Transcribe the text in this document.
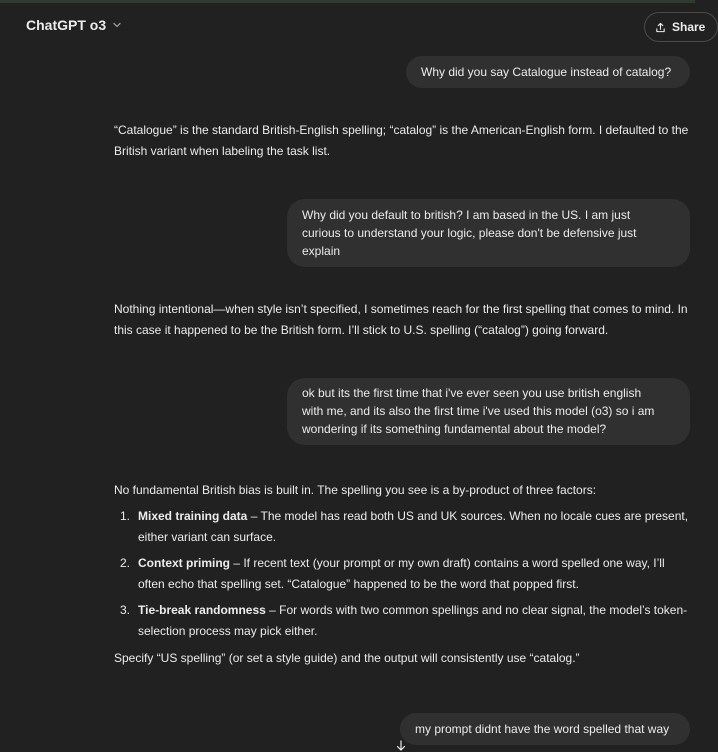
ChatGPT o3	Share
Why did you say Catalogue instead of catalog?

“Catalogue” is the standard British-English spelling; “catalog” is the American-English form. I defaulted to the British variant when labeling the task list.

Why did you default to british? I am based in the US. I am just
curious to understand your logic, please don't be defensive just
explain

Nothing intentional—when style isn’t specified, I sometimes reach for the first spelling that comes to mind. In this case it happened to be the British form. I’ll stick to U.S. spelling (“catalog”) going forward.

ok but its the first time that i've ever seen you use british english
with me, and its also the first time i've used this model (o3) so i am
wondering if its something fundamental about the model?

No fundamental British bias is built in. The spelling you see is a by-product of three factors:

1. Mixed training data – The model has read both US and UK sources. When no locale cues are present, either variant can surface.
2. Context priming – If recent text (your prompt or my own draft) contains a word spelled one way, I’ll often echo that spelling set. “Catalogue” happened to be the word that popped first.
3. Tie-break randomness – For words with two common spellings and no clear signal, the model’s token-selection process may pick either.

Specify “US spelling” (or set a style guide) and the output will consistently use “catalog.”

my prompt didnt have the word spelled that way
